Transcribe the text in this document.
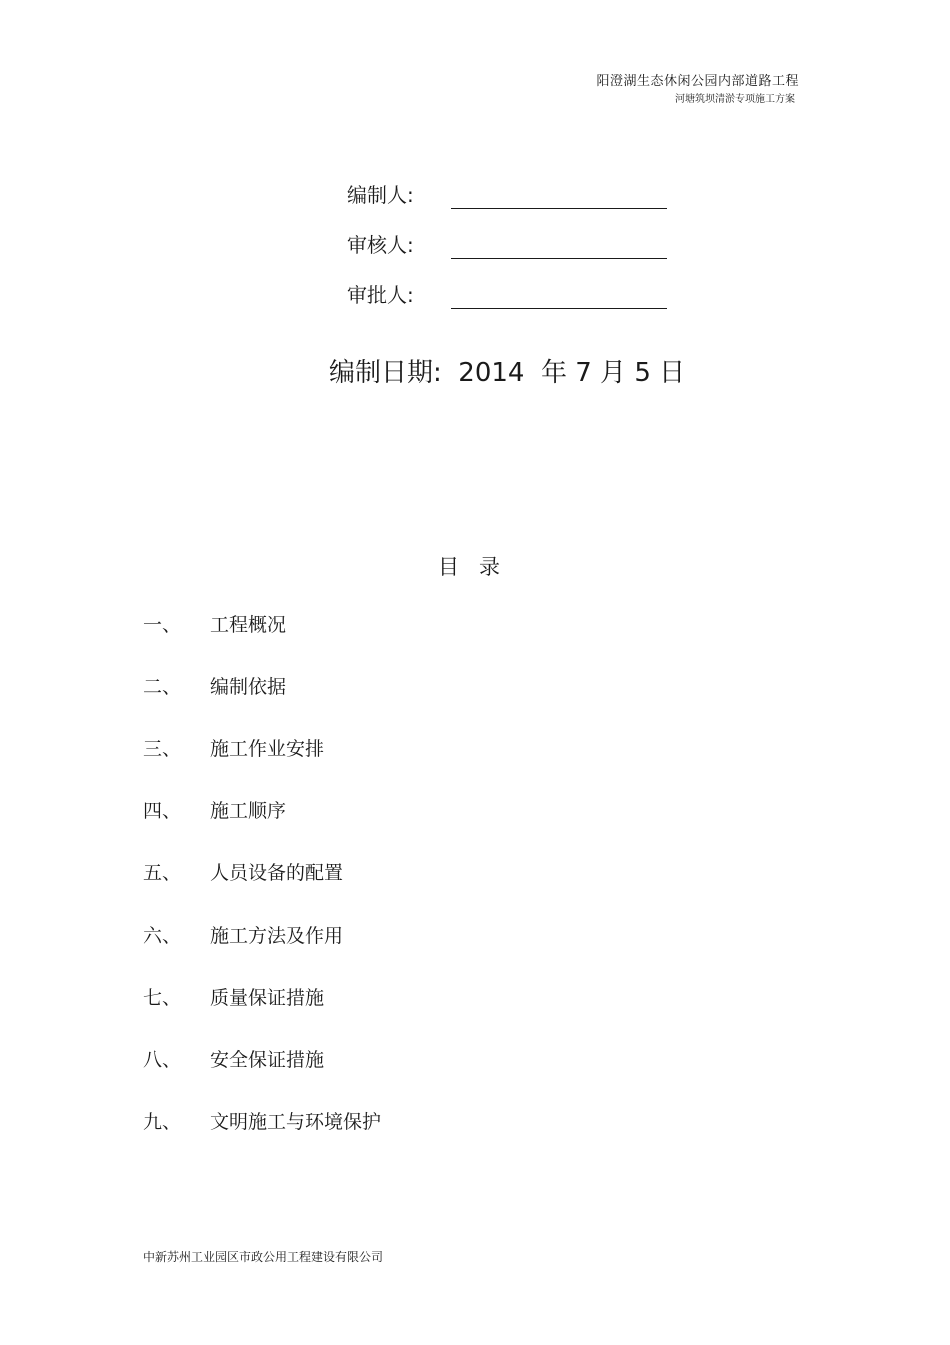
阳澄湖生态休闲公园内部道路工程
河塘筑坝清淤专项施工方案
编制人:
审核人:
审批人:
编制日期:  2014  年 7 月 5 日
目   录
一、 工程概况
二、 编制依据
三、 施工作业安排
四、 施工顺序
五、 人员设备的配置
六、 施工方法及作用
七、 质量保证措施
八、 安全保证措施
九、 文明施工与环境保护
中新苏州工业园区市政公用工程建设有限公司
